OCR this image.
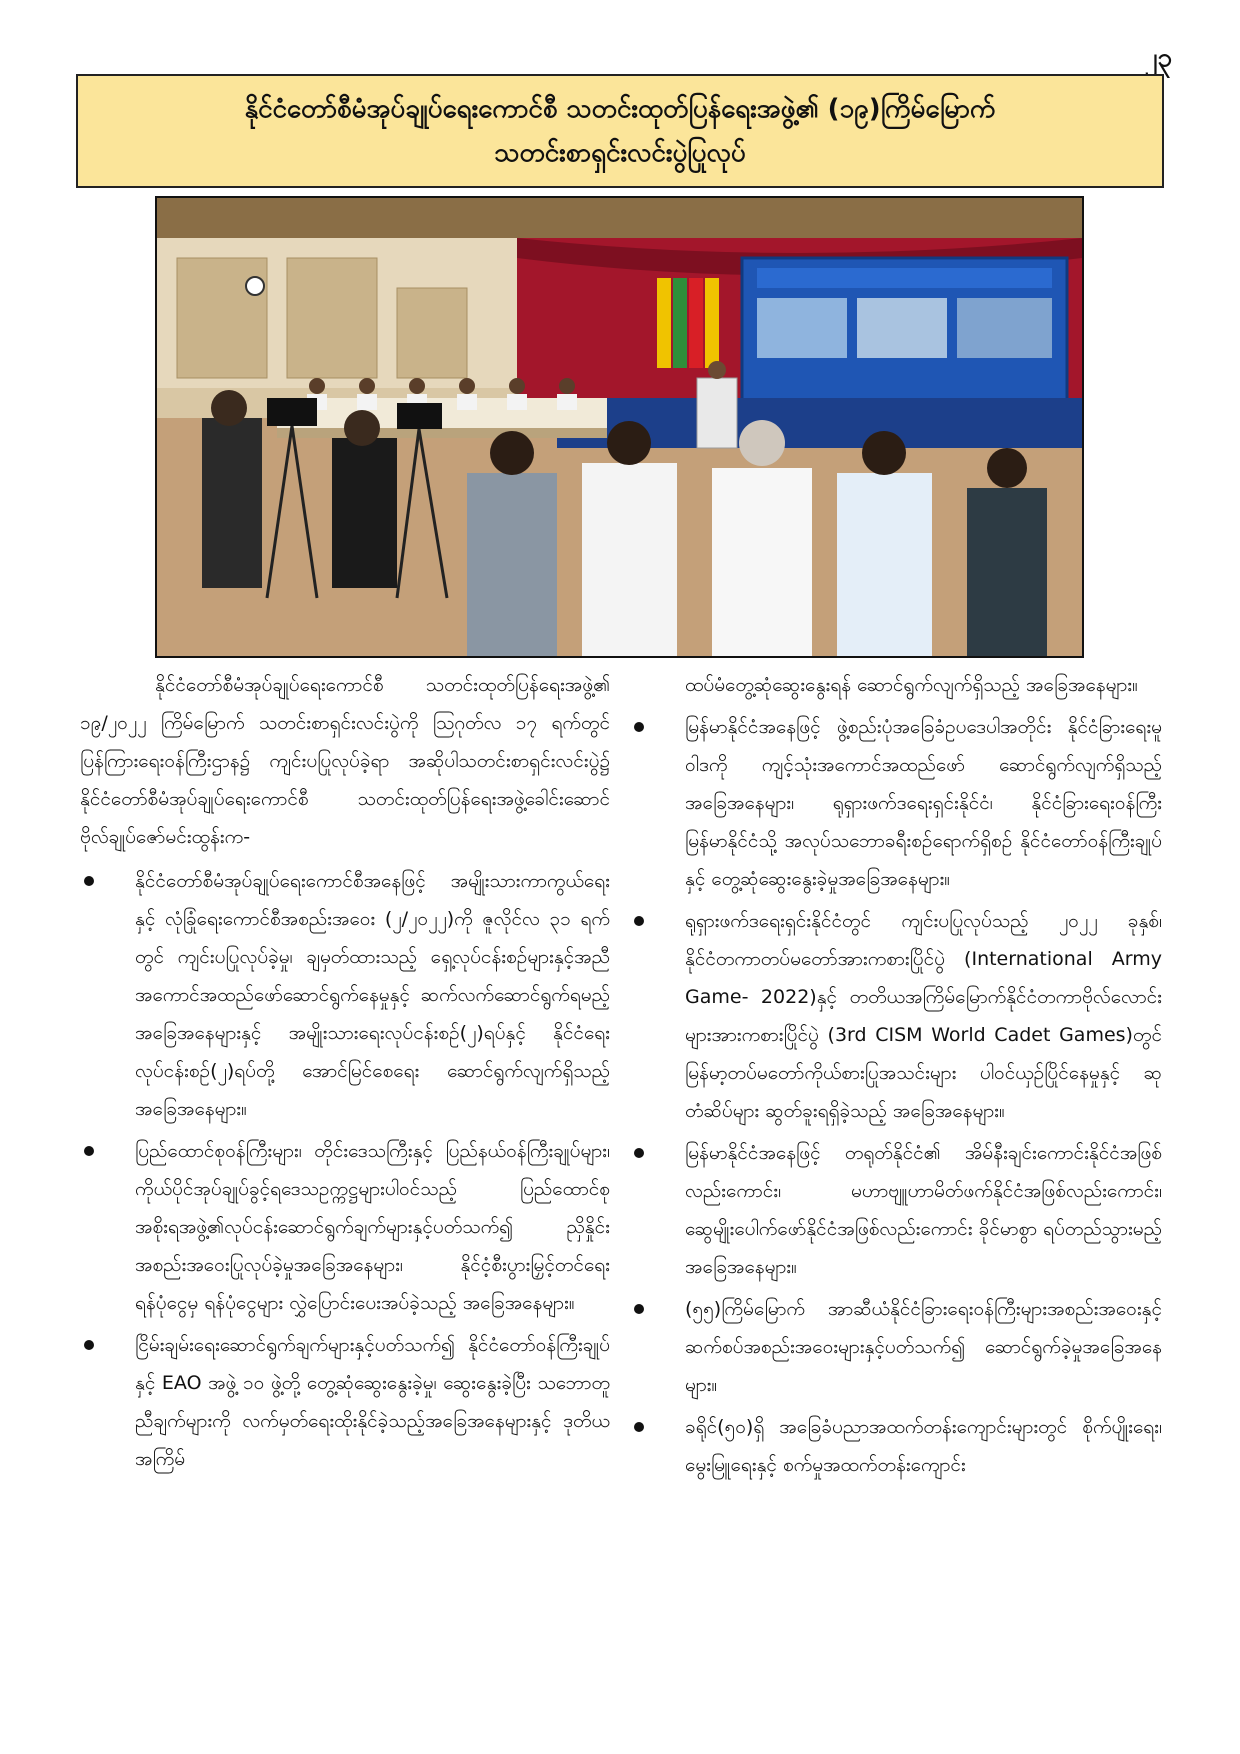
၂၃
နိုင်ငံတော်စီမံအုပ်ချုပ်ရေးကောင်စီ သတင်းထုတ်ပြန်ရေးအဖွဲ့၏ (၁၉)ကြိမ်မြောက်
သတင်းစာရှင်းလင်းပွဲပြုလုပ်

နိုင်ငံတော်စီမံအုပ်ချုပ်ရေးကောင်စီ သတင်းထုတ်ပြန်ရေးအဖွဲ့၏ ၁၉/၂၀၂၂ ကြိမ်မြောက် သတင်းစာရှင်းလင်းပွဲကို ဩဂုတ်လ ၁၇ ရက်တွင် ပြန်ကြားရေးဝန်ကြီးဌာန၌ ကျင်းပပြုလုပ်ခဲ့ရာ အဆိုပါသတင်းစာရှင်းလင်းပွဲ၌ နိုင်ငံတော်စီမံအုပ်ချုပ်ရေးကောင်စီ သတင်းထုတ်ပြန်ရေးအဖွဲ့ခေါင်းဆောင် ဗိုလ်ချုပ်ဇော်မင်းထွန်းက-

နိုင်ငံတော်စီမံအုပ်ချုပ်ရေးကောင်စီအနေဖြင့် အမျိုးသားကာကွယ်ရေးနှင့် လုံခြုံရေးကောင်စီအစည်းအဝေး (၂/၂၀၂၂)ကို ဇူလိုင်လ ၃၁ ရက်တွင် ကျင်းပပြုလုပ်ခဲ့မှု၊ ချမှတ်ထားသည့် ရှေ့လုပ်ငန်းစဉ်များနှင့်အညီ အကောင်အထည်ဖော်ဆောင်ရွက်နေမှုနှင့် ဆက်လက်ဆောင်ရွက်ရမည့် အခြေအနေများနှင့် အမျိုးသားရေးလုပ်ငန်းစဉ်(၂)ရပ်နှင့် နိုင်ငံရေးလုပ်ငန်းစဉ်(၂)ရပ်တို့ အောင်မြင်စေရေး ဆောင်ရွက်လျက်ရှိသည့် အခြေအနေများ။
ပြည်ထောင်စုဝန်ကြီးများ၊ တိုင်းဒေသကြီးနှင့် ပြည်နယ်ဝန်ကြီးချုပ်များ၊ ကိုယ်ပိုင်အုပ်ချုပ်ခွင့်ရဒေသဥက္ကဋ္ဌများပါဝင်သည့် ပြည်ထောင်စုအစိုးရအဖွဲ့၏လုပ်ငန်းဆောင်ရွက်ချက်များနှင့်ပတ်သက်၍ ညှိနှိုင်းအစည်းအဝေးပြုလုပ်ခဲ့မှုအခြေအနေများ၊ နိုင်ငံ့စီးပွားမြှင့်တင်ရေးရန်ပုံငွေမှ ရန်ပုံငွေများ လွှဲပြောင်းပေးအပ်ခဲ့သည့် အခြေအနေများ။
ငြိမ်းချမ်းရေးဆောင်ရွက်ချက်များနှင့်ပတ်သက်၍ နိုင်ငံတော်ဝန်ကြီးချုပ်နှင့် EAO အဖွဲ့ ၁၀ ဖွဲ့တို့ တွေ့ဆုံဆွေးနွေးခဲ့မှု၊ ဆွေးနွေးခဲ့ပြီး သဘောတူညီချက်များကို လက်မှတ်ရေးထိုးနိုင်ခဲ့သည့်အခြေအနေများနှင့် ဒုတိယအကြိမ်

ထပ်မံတွေ့ဆုံဆွေးနွေးရန် ဆောင်ရွက်လျက်ရှိသည့် အခြေအနေများ။

မြန်မာနိုင်ငံအနေဖြင့် ဖွဲ့စည်းပုံအခြေခံဥပဒေပါအတိုင်း နိုင်ငံခြားရေးမူဝါဒကို ကျင့်သုံးအကောင်အထည်ဖော် ဆောင်ရွက်လျက်ရှိသည့်အခြေအနေများ၊ ရုရှားဖက်ဒရေးရှင်းနိုင်ငံ၊ နိုင်ငံခြားရေးဝန်ကြီး မြန်မာနိုင်ငံသို့ အလုပ်သဘောခရီးစဉ်ရောက်ရှိစဉ် နိုင်ငံတော်ဝန်ကြီးချုပ်နှင့် တွေ့ဆုံဆွေးနွေးခဲ့မှုအခြေအနေများ။
ရုရှားဖက်ဒရေးရှင်းနိုင်ငံတွင် ကျင်းပပြုလုပ်သည့် ၂၀၂၂ ခုနှစ်၊ နိုင်ငံတကာတပ်မတော်အားကစားပြိုင်ပွဲ (International Army Game- 2022)နှင့် တတိယအကြိမ်မြောက်နိုင်ငံတကာဗိုလ်လောင်းများအားကစားပြိုင်ပွဲ (3rd CISM World Cadet Games)တွင် မြန်မာ့တပ်မတော်ကိုယ်စားပြုအသင်းများ ပါဝင်ယှဉ်ပြိုင်နေမှုနှင့် ဆုတံဆိပ်များ ဆွတ်ခူးရရှိခဲ့သည့် အခြေအနေများ။
မြန်မာနိုင်ငံအနေဖြင့် တရုတ်နိုင်ငံ၏ အိမ်နီးချင်းကောင်းနိုင်ငံအဖြစ်လည်းကောင်း၊ မဟာဗျူဟာမိတ်ဖက်နိုင်ငံအဖြစ်လည်းကောင်း၊ ဆွေမျိုးပေါက်ဖော်နိုင်ငံအဖြစ်လည်းကောင်း ခိုင်မာစွာ ရပ်တည်သွားမည့်အခြေအနေများ။
(၅၅)ကြိမ်မြောက် အာဆီယံနိုင်ငံခြားရေးဝန်ကြီးများအစည်းအဝေးနှင့် ဆက်စပ်အစည်းအဝေးများနှင့်ပတ်သက်၍ ဆောင်ရွက်ခဲ့မှုအခြေအနေများ။
ခရိုင်(၅၀)ရှိ အခြေခံပညာအထက်တန်းကျောင်းများတွင် စိုက်ပျိုးရေး၊ မွေးမြူရေးနှင့် စက်မှုအထက်တန်းကျောင်း
